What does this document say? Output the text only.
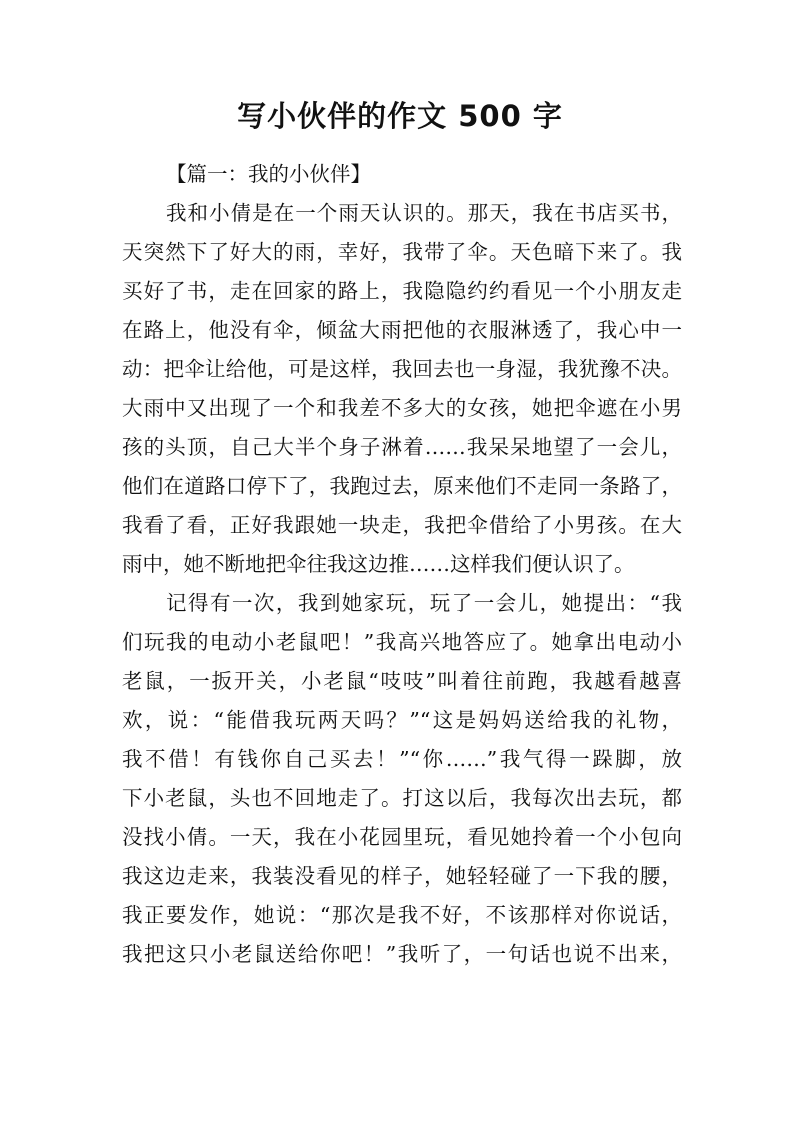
写小伙伴的作文 500 字
【篇一：我的小伙伴】
我和小倩是在一个雨天认识的。那天，我在书店买书，
天突然下了好大的雨，幸好，我带了伞。天色暗下来了。我
买好了书，走在回家的路上，我隐隐约约看见一个小朋友走
在路上，他没有伞，倾盆大雨把他的衣服淋透了，我心中一
动：把伞让给他，可是这样，我回去也一身湿，我犹豫不决。
大雨中又出现了一个和我差不多大的女孩，她把伞遮在小男
孩的头顶，自己大半个身子淋着……我呆呆地望了一会儿，
他们在道路口停下了，我跑过去，原来他们不走同一条路了，
我看了看，正好我跟她一块走，我把伞借给了小男孩。在大
雨中，她不断地把伞往我这边推……这样我们便认识了。
记得有一次，我到她家玩，玩了一会儿，她提出：“我
们玩我的电动小老鼠吧！”我高兴地答应了。她拿出电动小
老鼠，一扳开关，小老鼠“吱吱”叫着往前跑，我越看越喜
欢，说：“能借我玩两天吗？”“这是妈妈送给我的礼物，
我不借！有钱你自己买去！”“你……”我气得一跺脚，放
下小老鼠，头也不回地走了。打这以后，我每次出去玩，都
没找小倩。一天，我在小花园里玩，看见她拎着一个小包向
我这边走来，我装没看见的样子，她轻轻碰了一下我的腰，
我正要发作，她说：“那次是我不好，不该那样对你说话，
我把这只小老鼠送给你吧！”我听了，一句话也说不出来，
